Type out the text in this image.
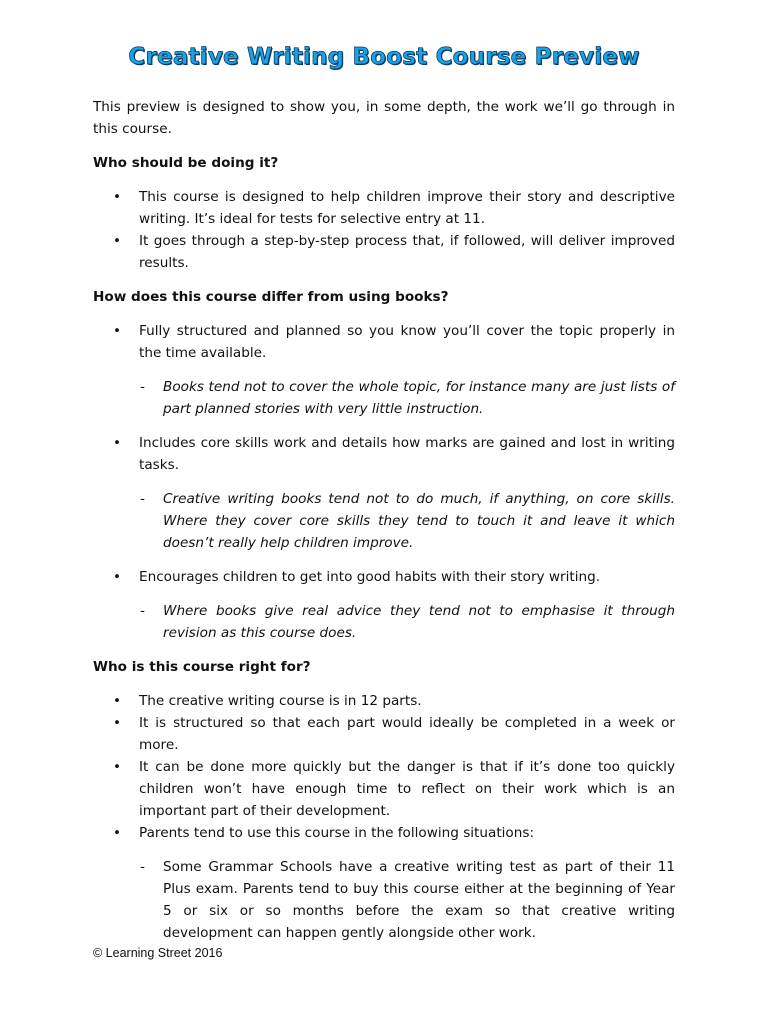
Creative Writing Boost Course Preview

This preview is designed to show you, in some depth, the work we’ll go through in this course.

Who should be doing it?
• This course is designed to help children improve their story and descriptive writing. It’s ideal for tests for selective entry at 11.
• It goes through a step-by-step process that, if followed, will deliver improved results.
How does this course differ from using books?
• Fully structured and planned so you know you’ll cover the topic properly in the time available.
- Books tend not to cover the whole topic, for instance many are just lists of part planned stories with very little instruction.
• Includes core skills work and details how marks are gained and lost in writing tasks.
- Creative writing books tend not to do much, if anything, on core skills. Where they cover core skills they tend to touch it and leave it which doesn’t really help children improve.
• Encourages children to get into good habits with their story writing.
- Where books give real advice they tend not to emphasise it through revision as this course does.
Who is this course right for?
• The creative writing course is in 12 parts.
• It is structured so that each part would ideally be completed in a week or more.
• It can be done more quickly but the danger is that if it’s done too quickly children won’t have enough time to reflect on their work which is an important part of their development.
• Parents tend to use this course in the following situations:
- Some Grammar Schools have a creative writing test as part of their 11 Plus exam. Parents tend to buy this course either at the beginning of Year 5 or six or so months before the exam so that creative writing development can happen gently alongside other work.
© Learning Street 2016
